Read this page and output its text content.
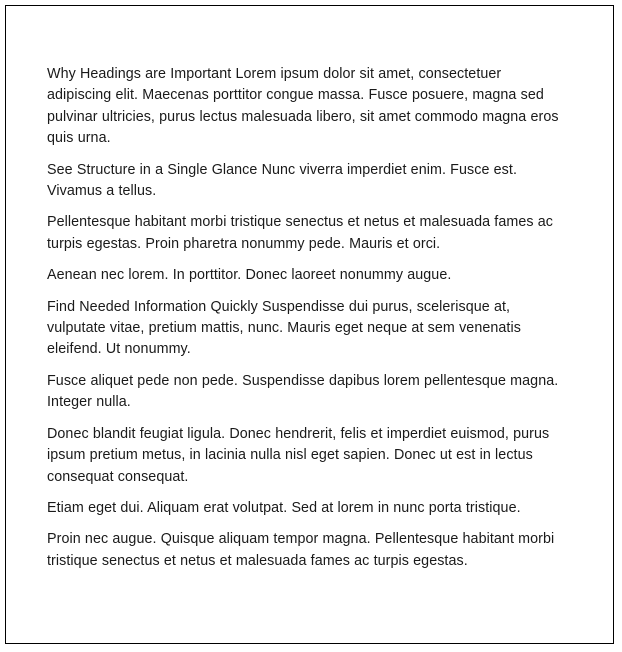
Why Headings are Important Lorem ipsum dolor sit amet, consectetuer adipiscing elit. Maecenas porttitor congue massa. Fusce posuere, magna sed pulvinar ultricies, purus lectus malesuada libero, sit amet commodo magna eros quis urna.

See Structure in a Single Glance Nunc viverra imperdiet enim. Fusce est. Vivamus a tellus.

Pellentesque habitant morbi tristique senectus et netus et malesuada fames ac turpis egestas. Proin pharetra nonummy pede. Mauris et orci.

Aenean nec lorem. In porttitor. Donec laoreet nonummy augue.

Find Needed Information Quickly Suspendisse dui purus, scelerisque at, vulputate vitae, pretium mattis, nunc. Mauris eget neque at sem venenatis eleifend. Ut nonummy.

Fusce aliquet pede non pede. Suspendisse dapibus lorem pellentesque magna. Integer nulla.

Donec blandit feugiat ligula. Donec hendrerit, felis et imperdiet euismod, purus ipsum pretium metus, in lacinia nulla nisl eget sapien. Donec ut est in lectus consequat consequat.

Etiam eget dui. Aliquam erat volutpat. Sed at lorem in nunc porta tristique.

Proin nec augue. Quisque aliquam tempor magna. Pellentesque habitant morbi tristique senectus et netus et malesuada fames ac turpis egestas.
